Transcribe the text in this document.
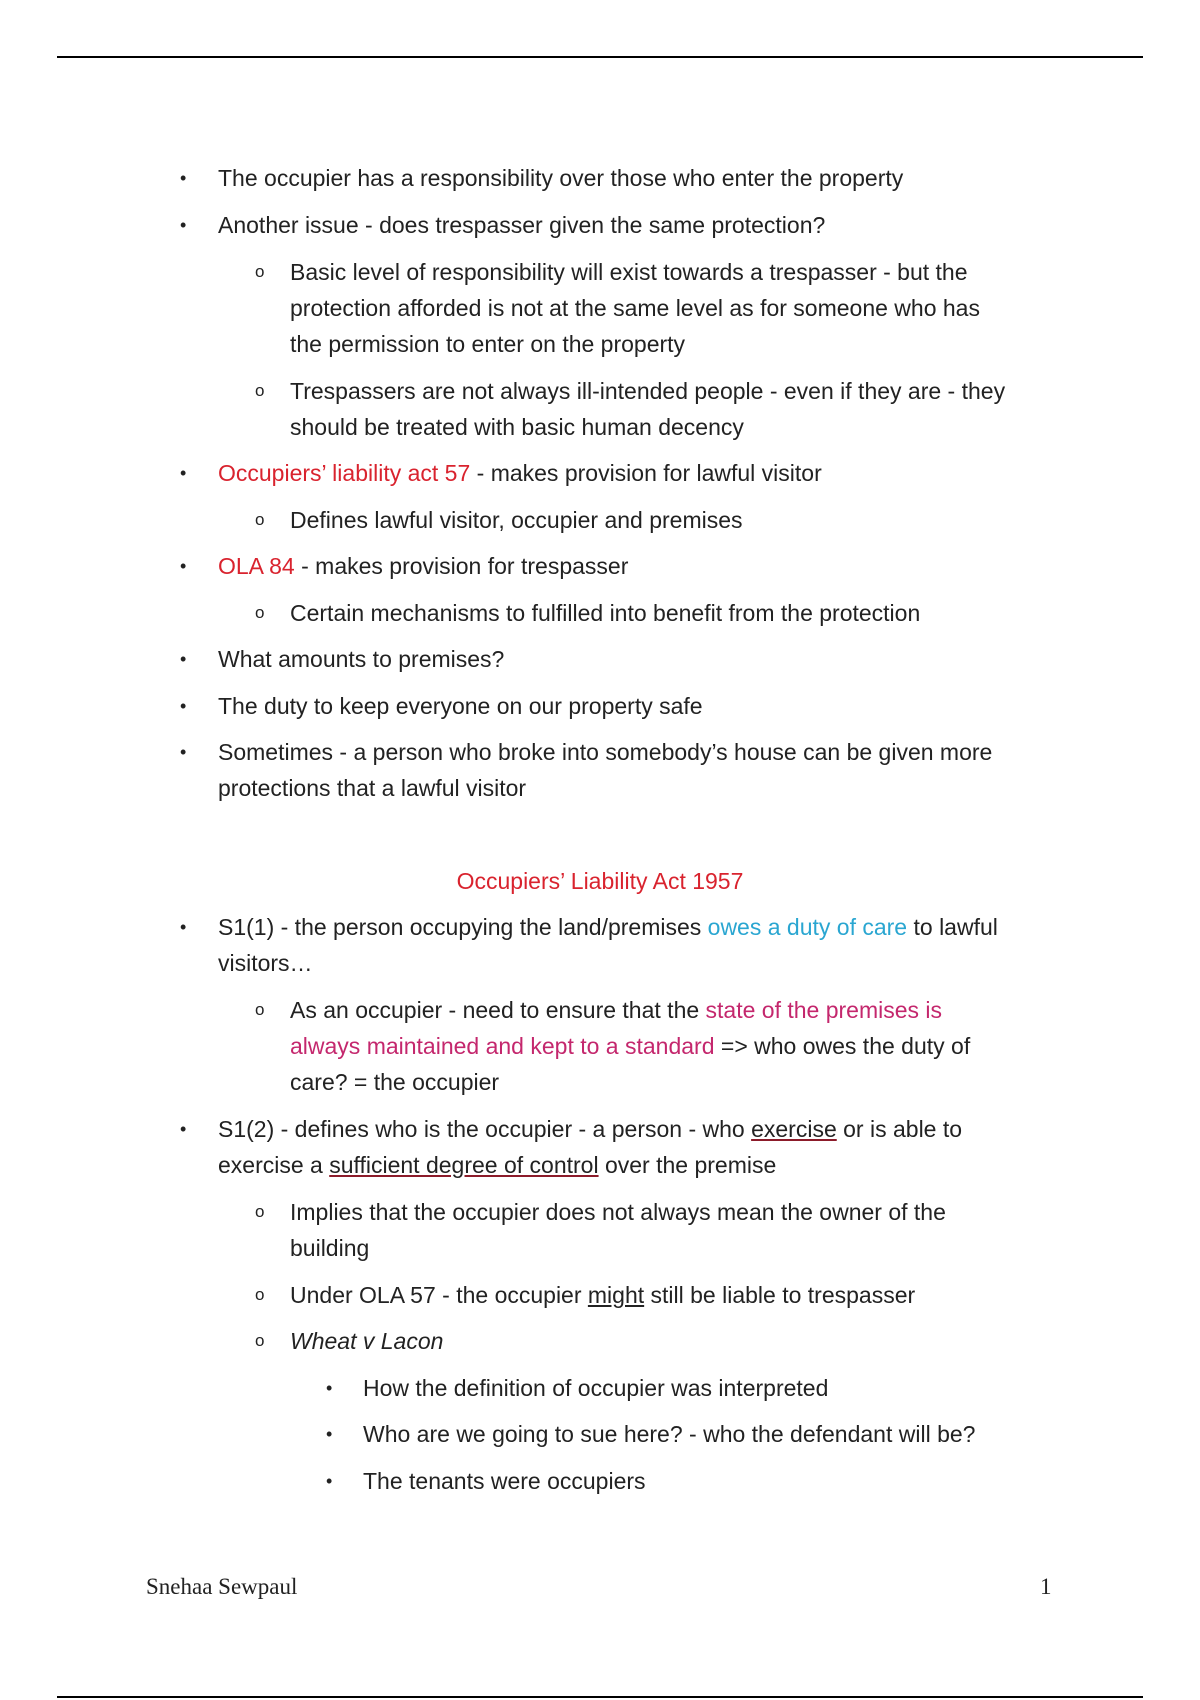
• The occupier has a responsibility over those who enter the property
• Another issue - does trespasser given the same protection?
o Basic level of responsibility will exist towards a trespasser - but the
protection afforded is not at the same level as for someone who has
the permission to enter on the property
o Trespassers are not always ill-intended people - even if they are - they
should be treated with basic human decency
• Occupiers’ liability act 57 - makes provision for lawful visitor
o Defines lawful visitor, occupier and premises
• OLA 84 - makes provision for trespasser
o Certain mechanisms to fulfilled into benefit from the protection
• What amounts to premises?
• The duty to keep everyone on our property safe
• Sometimes - a person who broke into somebody’s house can be given more
protections that a lawful visitor
Occupiers’ Liability Act 1957
• S1(1) - the person occupying the land/premises owes a duty of care to lawful
visitors…
o As an occupier - need to ensure that the state of the premises is
always maintained and kept to a standard => who owes the duty of
care? = the occupier
• S1(2) - defines who is the occupier - a person - who exercise or is able to
exercise a sufficient degree of control over the premise
o Implies that the occupier does not always mean the owner of the
building
o Under OLA 57 - the occupier might still be liable to trespasser
o Wheat v Lacon
• How the definition of occupier was interpreted
• Who are we going to sue here? - who the defendant will be?
• The tenants were occupiers
Snehaa Sewpaul	1
